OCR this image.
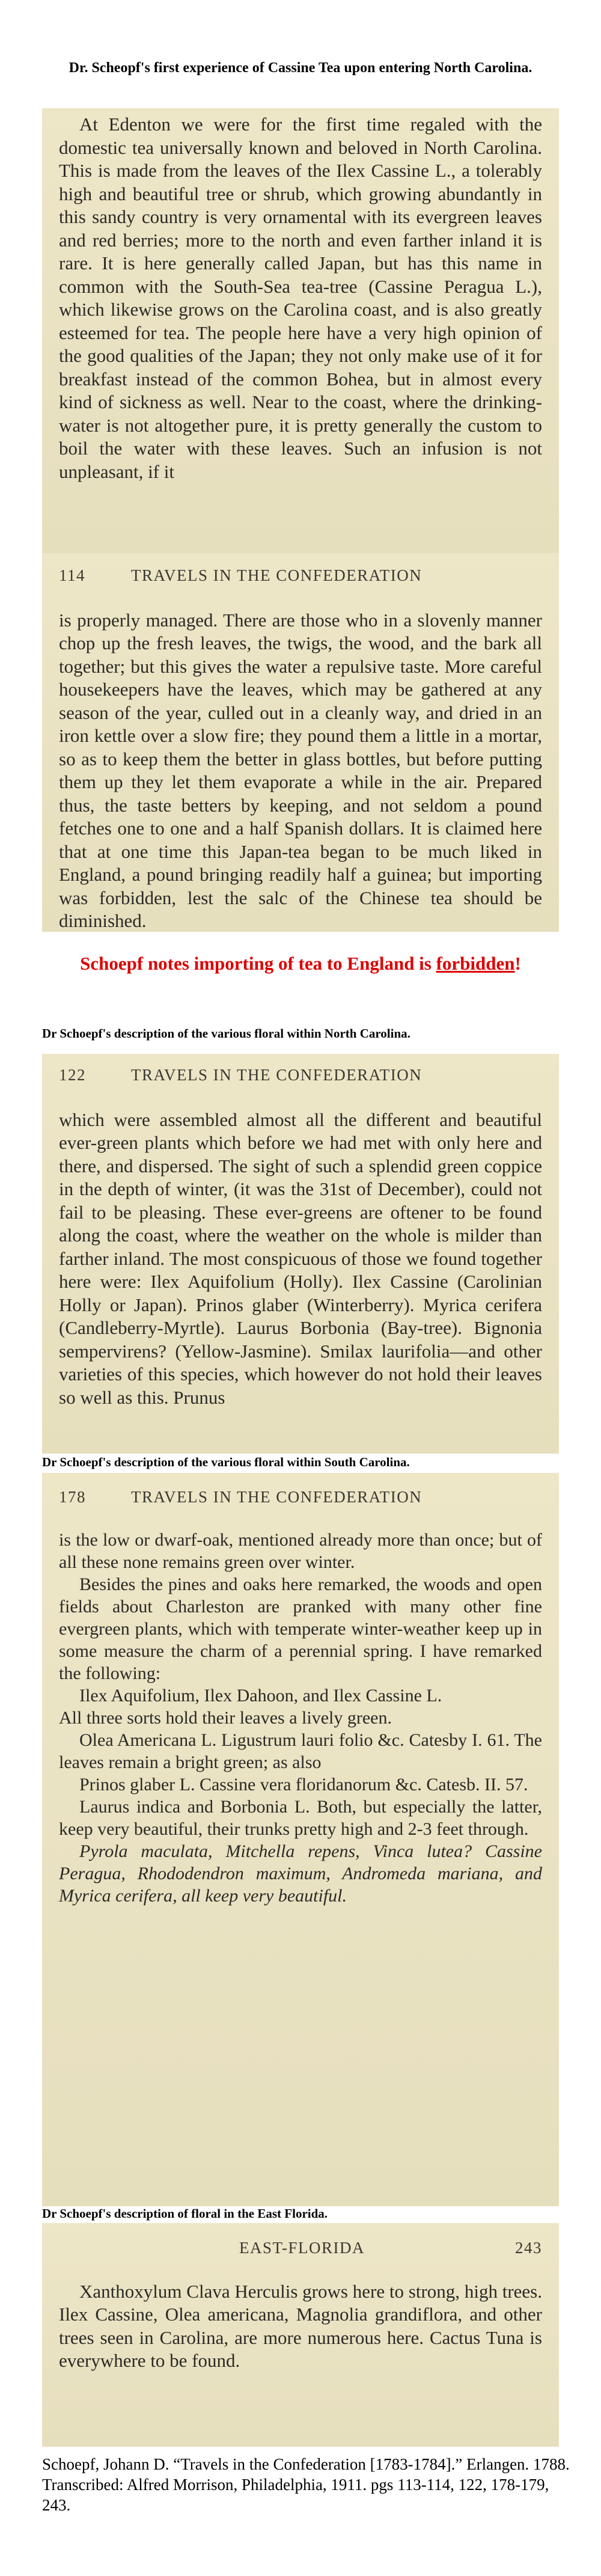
Dr. Scheopf's first experience of Cassine Tea upon entering North Carolina.

At Edenton we were for the first time regaled with the domestic tea universally known and beloved in North Carolina. This is made from the leaves of the Ilex Cassine L., a tolerably high and beautiful tree or shrub, which growing abundantly in this sandy country is very ornamental with its evergreen leaves and red berries; more to the north and even farther inland it is rare. It is here generally called Japan, but has this name in common with the South-Sea tea-tree (Cassine Peragua L.), which likewise grows on the Carolina coast, and is also greatly esteemed for tea. The people here have a very high opinion of the good qualities of the Japan; they not only make use of it for breakfast instead of the common Bohea, but in almost every kind of sickness as well. Near to the coast, where the drinking-water is not altogether pure, it is pretty generally the custom to boil the water with these leaves. Such an infusion is not unpleasant, if it

114	TRAVELS IN THE CONFEDERATION

is properly managed. There are those who in a slovenly manner chop up the fresh leaves, the twigs, the wood, and the bark all together; but this gives the water a repulsive taste. More careful housekeepers have the leaves, which may be gathered at any season of the year, culled out in a cleanly way, and dried in an iron kettle over a slow fire; they pound them a little in a mortar, so as to keep them the better in glass bottles, but before putting them up they let them evaporate a while in the air. Prepared thus, the taste betters by keeping, and not seldom a pound fetches one to one and a half Spanish dollars. It is claimed here that at one time this Japan-tea began to be much liked in England, a pound bringing readily half a guinea; but importing was forbidden, lest the salc of the Chinese tea should be diminished.

Schoepf notes importing of tea to England is forbidden!
Dr Schoepf's description of the various floral within North Carolina.
122	TRAVELS IN THE CONFEDERATION

which were assembled almost all the different and beautiful ever-green plants which before we had met with only here and there, and dispersed. The sight of such a splendid green coppice in the depth of winter, (it was the 31st of December), could not fail to be pleasing. These ever-greens are oftener to be found along the coast, where the weather on the whole is milder than farther inland. The most conspicuous of those we found together here were: Ilex Aquifolium (Holly). Ilex Cassine (Carolinian Holly or Japan). Prinos glaber (Winterberry). Myrica cerifera (Candleberry-Myrtle). Laurus Borbonia (Bay-tree). Bignonia sempervirens? (Yellow-Jasmine). Smilax laurifolia—and other varieties of this species, which however do not hold their leaves so well as this. Prunus

Dr Schoepf's description of the various floral within South Carolina.
178	TRAVELS IN THE CONFEDERATION

is the low or dwarf-oak, mentioned already more than once; but of all these none remains green over winter.

Besides the pines and oaks here remarked, the woods and open fields about Charleston are pranked with many other fine evergreen plants, which with temperate winter-weather keep up in some measure the charm of a perennial spring. I have remarked the following:

Ilex Aquifolium, Ilex Dahoon, and Ilex Cassine L.

All three sorts hold their leaves a lively green.

Olea Americana L. Ligustrum lauri folio &c. Catesby I. 61. The leaves remain a bright green; as also

Prinos glaber L. Cassine vera floridanorum &c. Catesb. II. 57.

Laurus indica and Borbonia L. Both, but especially the latter, keep very beautiful, their trunks pretty high and 2-3 feet through.

Pyrola maculata, Mitchella repens, Vinca lutea? Cassine Peragua, Rhododendron maximum, Andromeda mariana, and Myrica cerifera, all keep very beautiful.

Dr Schoepf's description of floral in the East Florida.
EAST-FLORIDA	243

Xanthoxylum Clava Herculis grows here to strong, high trees. Ilex Cassine, Olea americana, Magnolia grandiflora, and other trees seen in Carolina, are more numerous here. Cactus Tuna is everywhere to be found.

Schoepf, Johann D. “Travels in the Confederation [1783-1784].” Erlangen. 1788. Transcribed: Alfred Morrison, Philadelphia, 1911. pgs 113-114, 122, 178-179, 243.
